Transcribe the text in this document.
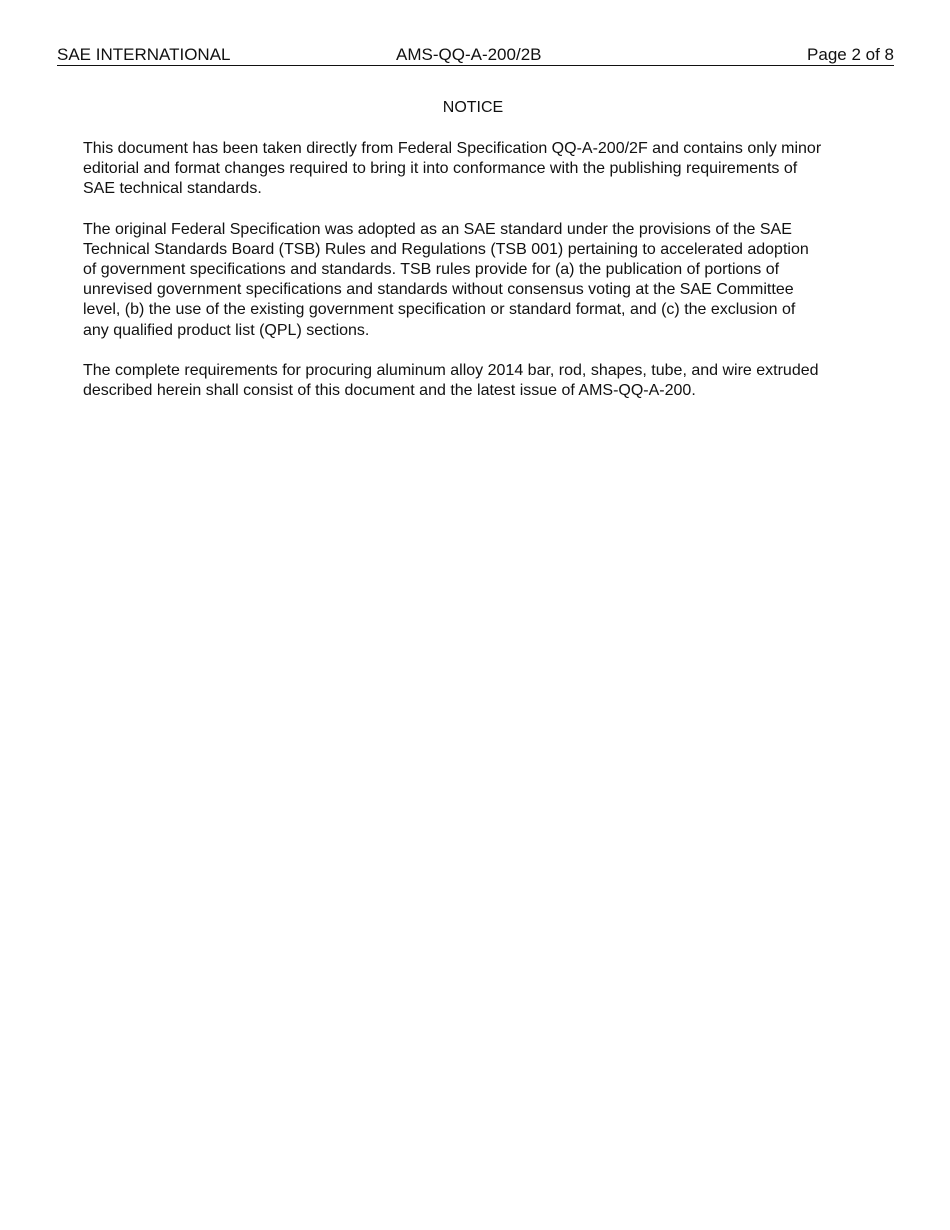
SAE INTERNATIONAL	AMS-QQ-A-200/2B	Page 2 of 8
NOTICE

This document has been taken directly from Federal Specification QQ-A-200/2F and contains only minor
editorial and format changes required to bring it into conformance with the publishing requirements of
SAE technical standards.

The original Federal Specification was adopted as an SAE standard under the provisions of the SAE
Technical Standards Board (TSB) Rules and Regulations (TSB 001) pertaining to accelerated adoption
of government specifications and standards. TSB rules provide for (a) the publication of portions of
unrevised government specifications and standards without consensus voting at the SAE Committee
level, (b) the use of the existing government specification or standard format, and (c) the exclusion of
any qualified product list (QPL) sections.

The complete requirements for procuring aluminum alloy 2014 bar, rod, shapes, tube, and wire extruded
described herein shall consist of this document and the latest issue of AMS-QQ-A-200.
